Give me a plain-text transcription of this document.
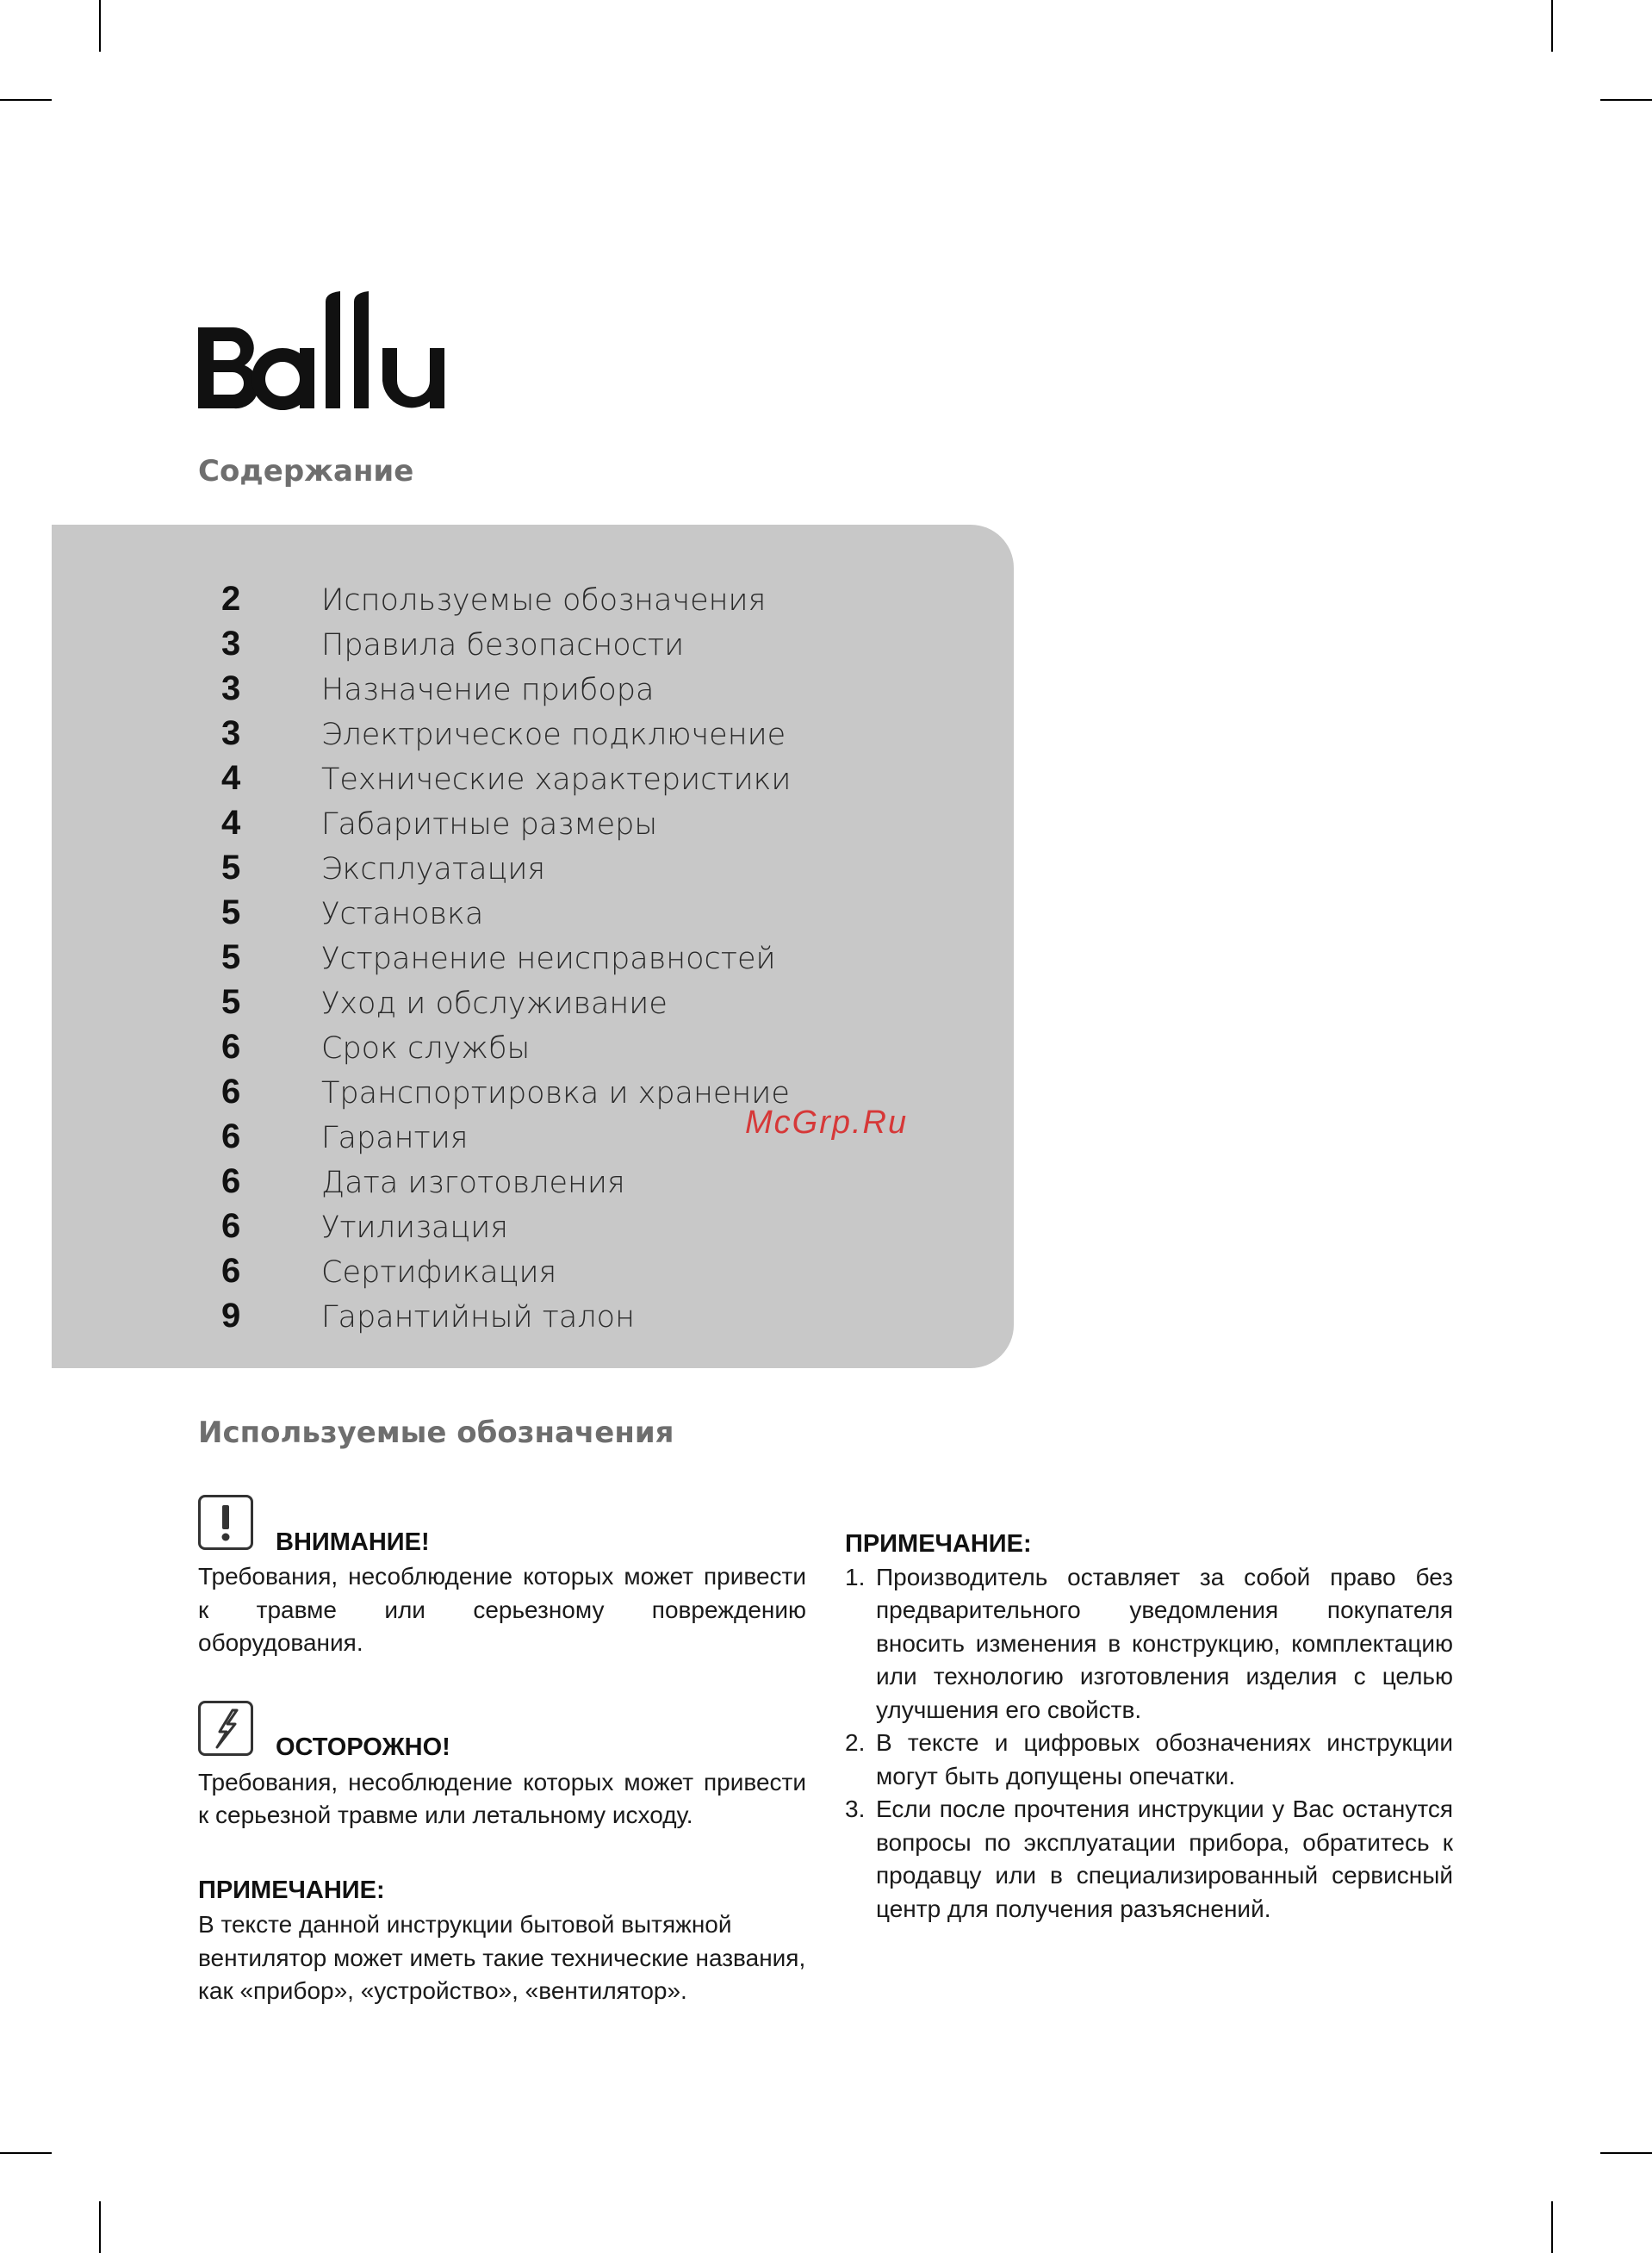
Содержание
2	Используемые обозначения
3	Правила безопасности
3	Назначение прибора
3	Электрическое подключение
4	Технические характеристики
4	Габаритные размеры
5	Эксплуатация
5	Установка
5	Устранение неисправностей
5	Уход и обслуживание
6	Срок службы
6	Транспортировка и хранение
6	Гарантия
6	Дата изготовления
6	Утилизация
6	Сертификация
9	Гарантийный талон
McGrp.Ru
Используемые обозначения
ВНИМАНИЕ!

Требования, несоблюдение которых может привести к травме или серьезному повреждению оборудования.

ОСТОРОЖНО!

Требования, несоблюдение которых может привести к серьезной травме или летальному исходу.

ПРИМЕЧАНИЕ:

В тексте данной инструкции бытовой вытяжной вентилятор может иметь такие технические названия, как «прибор», «устройство», «вентилятор».

ПРИМЕЧАНИЕ:

1. Производитель оставляет за собой право без предварительного уведомления покупателя вносить изменения в конструкцию, комплектацию или технологию изготовления изделия с целью улучшения его свойств.
2. В тексте и цифровых обозначениях инструкции могут быть допущены опечатки.
3. Если после прочтения инструкции у Вас останутся вопросы по эксплуатации прибора, обратитесь к продавцу или в специализированный сервисный центр для получения разъяснений.
